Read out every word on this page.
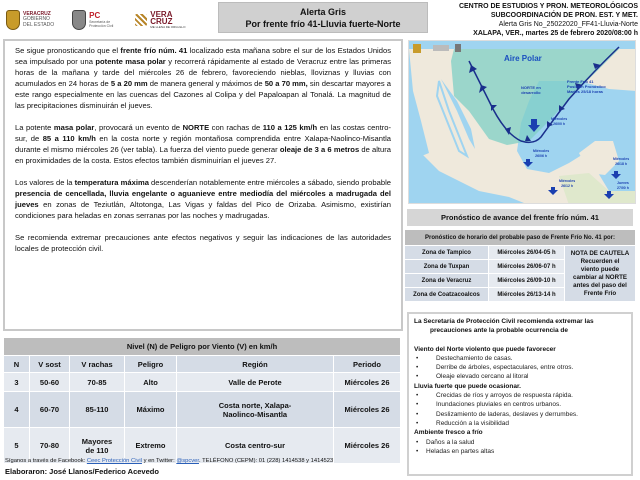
VERACRUZ
GOBIERNO
DEL ESTADO
PC
Secretaría de
Protección Civil
VERA
CRUZ
ME LLENA DE ORGULLO
Alerta Gris
Por frente frío 41-Lluvia fuerte-Norte
CENTRO DE ESTUDIOS Y PRON. METEOROLÓGICOS
SUBCOORDINACIÓN DE PRON. EST. Y MET.
Alerta Gris No_25022020_FF41-Lluvia-Norte
XALAPA, VER., martes 25 de febrero 2020/08:00 h

Se sigue pronosticando que el frente frío núm. 41 localizado esta mañana sobre el sur de los Estados Unidos sea impulsado por una potente masa polar y recorrerá rápidamente al estado de Veracruz entre las primeras horas de la mañana y tarde del miércoles 26 de febrero, favoreciendo nieblas, lloviznas y lluvias con acumulados en 24 horas de 5 a 20 mm de manera general y máximos de 50 a 70 mm, sin descartar mayores a este rango especialmente en las cuencas del Cazones al Colipa y del Papaloapan al Tonalá. La magnitud de las precipitaciones disminuirán el jueves.

La potente masa polar, provocará un evento de NORTE con rachas de 110 a 125 km/h en las costas centro-sur, de 85 a 110 km/h en la costa norte y región montañosa comprendida entre Xalapa-Naolinco-Misantla durante el mismo miércoles 26 (ver tabla). La fuerza del viento puede generar oleaje de 3 a 6 metros de altura en proximidades de la costa. Estos efectos también disminuirían el jueves 27.

Los valores de la temperatura máxima descenderían notablemente entre miércoles a sábado, siendo probable presencia de cencellada, lluvia engelante o aguanieve entre mediodía del miércoles a madrugada del jueves en zonas de Teziutlán, Altotonga, Las Vigas y faldas del Pico de Orizaba. Asimismo, existirían condiciones para heladas en zonas serranas por las noches y madrugadas.

Se recomienda extremar precauciones ante efectos negativos y seguir las indicaciones de las autoridades locales de protección civil.

Nivel (N) de Peligro por Viento (V) en km/h					
N	V sost	V rachas	Peligro	Región	Periodo
3	50-60	70-85	Alto	Valle de Perote	Miércoles 26
4	60-70	85-110	Máximo	Costa norte, Xalapa-Naolinco-Misantla	Miércoles 26
5	70-80	Mayores de 110	Extremo	Costa centro-sur	Miércoles 26
Síganos a través de Facebook: Ceec Protección Civil y en Twitter: @spcver. TELÉFONO (CEPM): 01 (228) 1414538 y 1414523
Elaboraron: José Llanos/Federico Acevedo
Aire Polar
NORTE en
desarrollo
Frente Frío 41
Posición Pronóstico
Martes 25/18 horas
Miércoles
26/00 h
Miércoles
26/06 h
Miércoles
26/12 h
Miércoles
26/18 h
Jueves
27/00 h
Pronóstico de avance del frente frío núm. 41
Pronóstico de horario del probable paso de Frente Frío No. 41 por:		
Zona de Tampico	Miércoles 26/04-05 h	NOTA DE CAUTELA
Recuerden el viento puede cambiar al NORTE antes del paso del Frente Frío

Zona de Tuxpan	Miércoles 26/06-07 h	
Zona de Veracruz	Miércoles 26/09-10 h	
Zona de Coatzacoalcos	Miércoles 26/13-14 h	
La Secretaría de Protección Civil recomienda extremar las
precauciones ante la probable ocurrencia de
Viento del Norte violento que puede favorecer
• Destechamiento de casas.
• Derribe de árboles, espectaculares, entre otros.
• Oleaje elevado cercano al litoral
Lluvia fuerte que puede ocasionar.
• Crecidas de ríos y arroyos de respuesta rápida.
• Inundaciones pluviales en centros urbanos.
• Deslizamiento de laderas, deslaves y derrumbes.
• Reducción a la visibilidad
Ambiente fresco a frío
• Daños a la salud
• Heladas en partes altas
